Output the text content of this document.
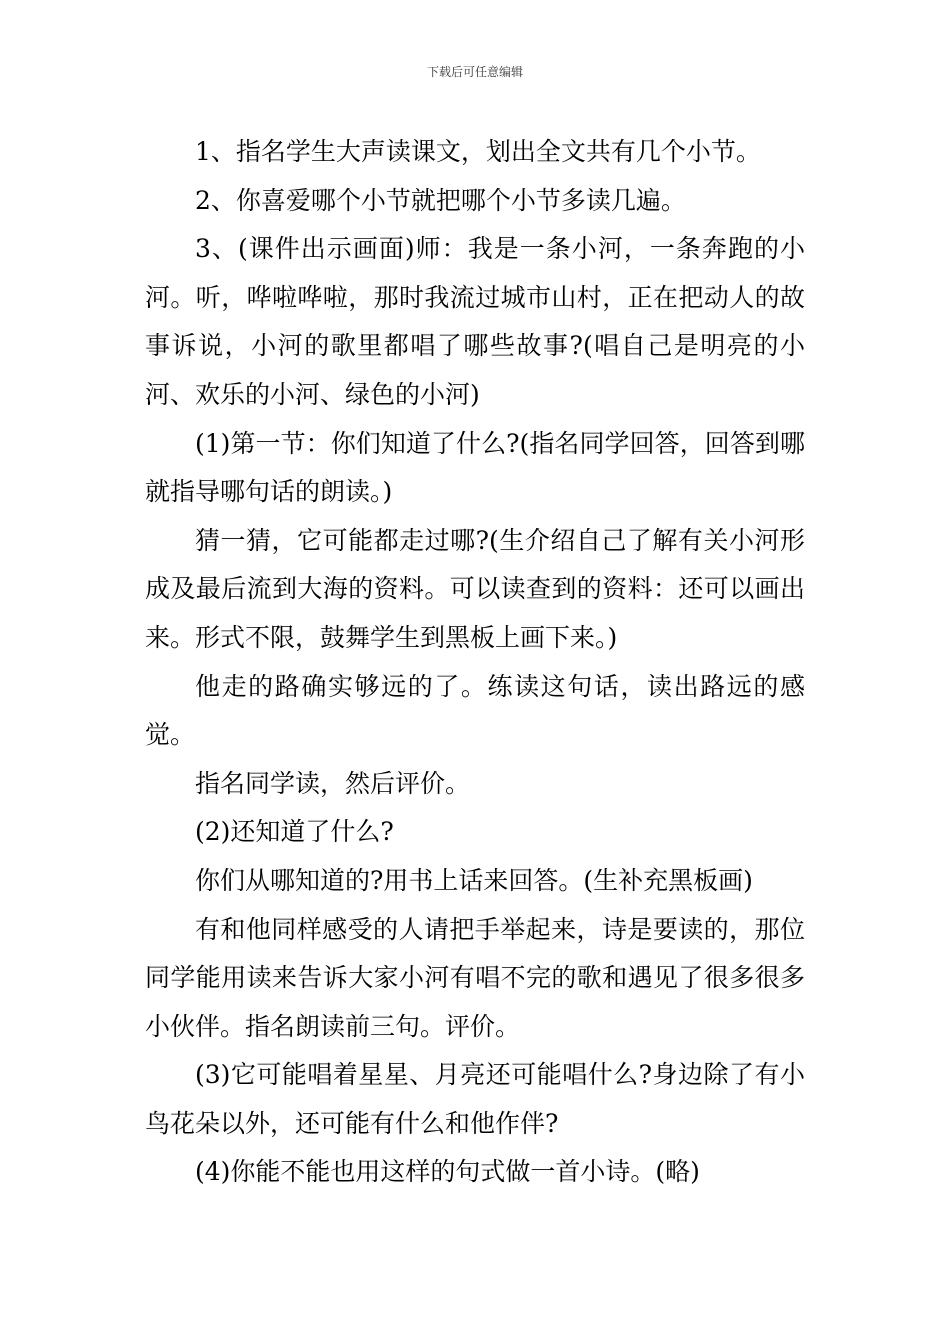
下载后可任意编辑

1、指名学生大声读课文，划出全文共有几个小节。

2、你喜爱哪个小节就把哪个小节多读几遍。

3、(课件出示画面)师：我是一条小河，一条奔跑的小河。听，哗啦哗啦，那时我流过城市山村，正在把动人的故事诉说，小河的歌里都唱了哪些故事?(唱自己是明亮的小河、欢乐的小河、绿色的小河)

(1)第一节：你们知道了什么?(指名同学回答，回答到哪就指导哪句话的朗读。)

猜一猜，它可能都走过哪?(生介绍自己了解有关小河形成及最后流到大海的资料。可以读查到的资料：还可以画出来。形式不限，鼓舞学生到黑板上画下来。)

他走的路确实够远的了。练读这句话，读出路远的感觉。

指名同学读，然后评价。

(2)还知道了什么?

你们从哪知道的?用书上话来回答。(生补充黑板画)

有和他同样感受的人请把手举起来，诗是要读的，那位同学能用读来告诉大家小河有唱不完的歌和遇见了很多很多小伙伴。指名朗读前三句。评价。

(3)它可能唱着星星、月亮还可能唱什么?身边除了有小鸟花朵以外，还可能有什么和他作伴?

(4)你能不能也用这样的句式做一首小诗。(略)
